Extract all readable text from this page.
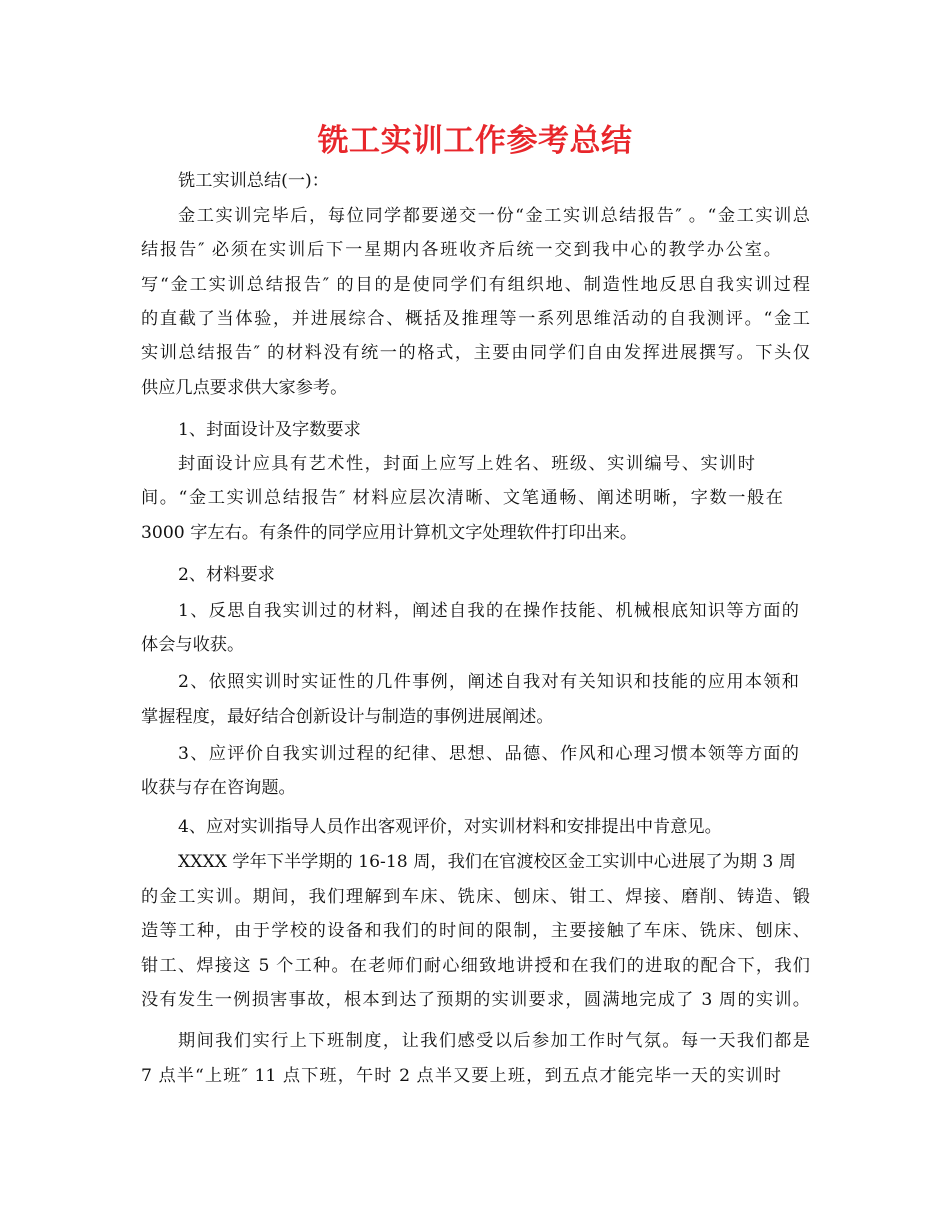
铣工实训工作参考总结
铣工实训总结(一)：
金工实训完毕后，每位同学都要递交一份“金工实训总结报告″ 。“金工实训总
结报告″ 必须在实训后下一星期内各班收齐后统一交到我中心的教学办公室。
写“金工实训总结报告″ 的目的是使同学们有组织地、制造性地反思自我实训过程
的直截了当体验，并进展综合、概括及推理等一系列思维活动的自我测评。“金工
实训总结报告″ 的材料没有统一的格式，主要由同学们自由发挥进展撰写。下头仅
供应几点要求供大家参考。
1、封面设计及字数要求
封面设计应具有艺术性，封面上应写上姓名、班级、实训编号、实训时
间。“金工实训总结报告″ 材料应层次清晰、文笔通畅、阐述明晰，字数一般在
3000 字左右。有条件的同学应用计算机文字处理软件打印出来。
2、材料要求
1、反思自我实训过的材料，阐述自我的在操作技能、机械根底知识等方面的
体会与收获。
2、依照实训时实证性的几件事例，阐述自我对有关知识和技能的应用本领和
掌握程度，最好结合创新设计与制造的事例进展阐述。
3、应评价自我实训过程的纪律、思想、品德、作风和心理习惯本领等方面的
收获与存在咨询题。
4、应对实训指导人员作出客观评价，对实训材料和安排提出中肯意见。
XXXX 学年下半学期的 16-18 周，我们在官渡校区金工实训中心进展了为期 3 周
的金工实训。期间，我们理解到车床、铣床、刨床、钳工、焊接、磨削、铸造、锻
造等工种，由于学校的设备和我们的时间的限制，主要接触了车床、铣床、刨床、
钳工、焊接这 5 个工种。在老师们耐心细致地讲授和在我们的进取的配合下，我们
没有发生一例损害事故，根本到达了预期的实训要求，圆满地完成了 3 周的实训。
期间我们实行上下班制度，让我们感受以后参加工作时气氛。每一天我们都是
7 点半“上班″ 11 点下班，午时 2 点半又要上班，到五点才能完毕一天的实训时
